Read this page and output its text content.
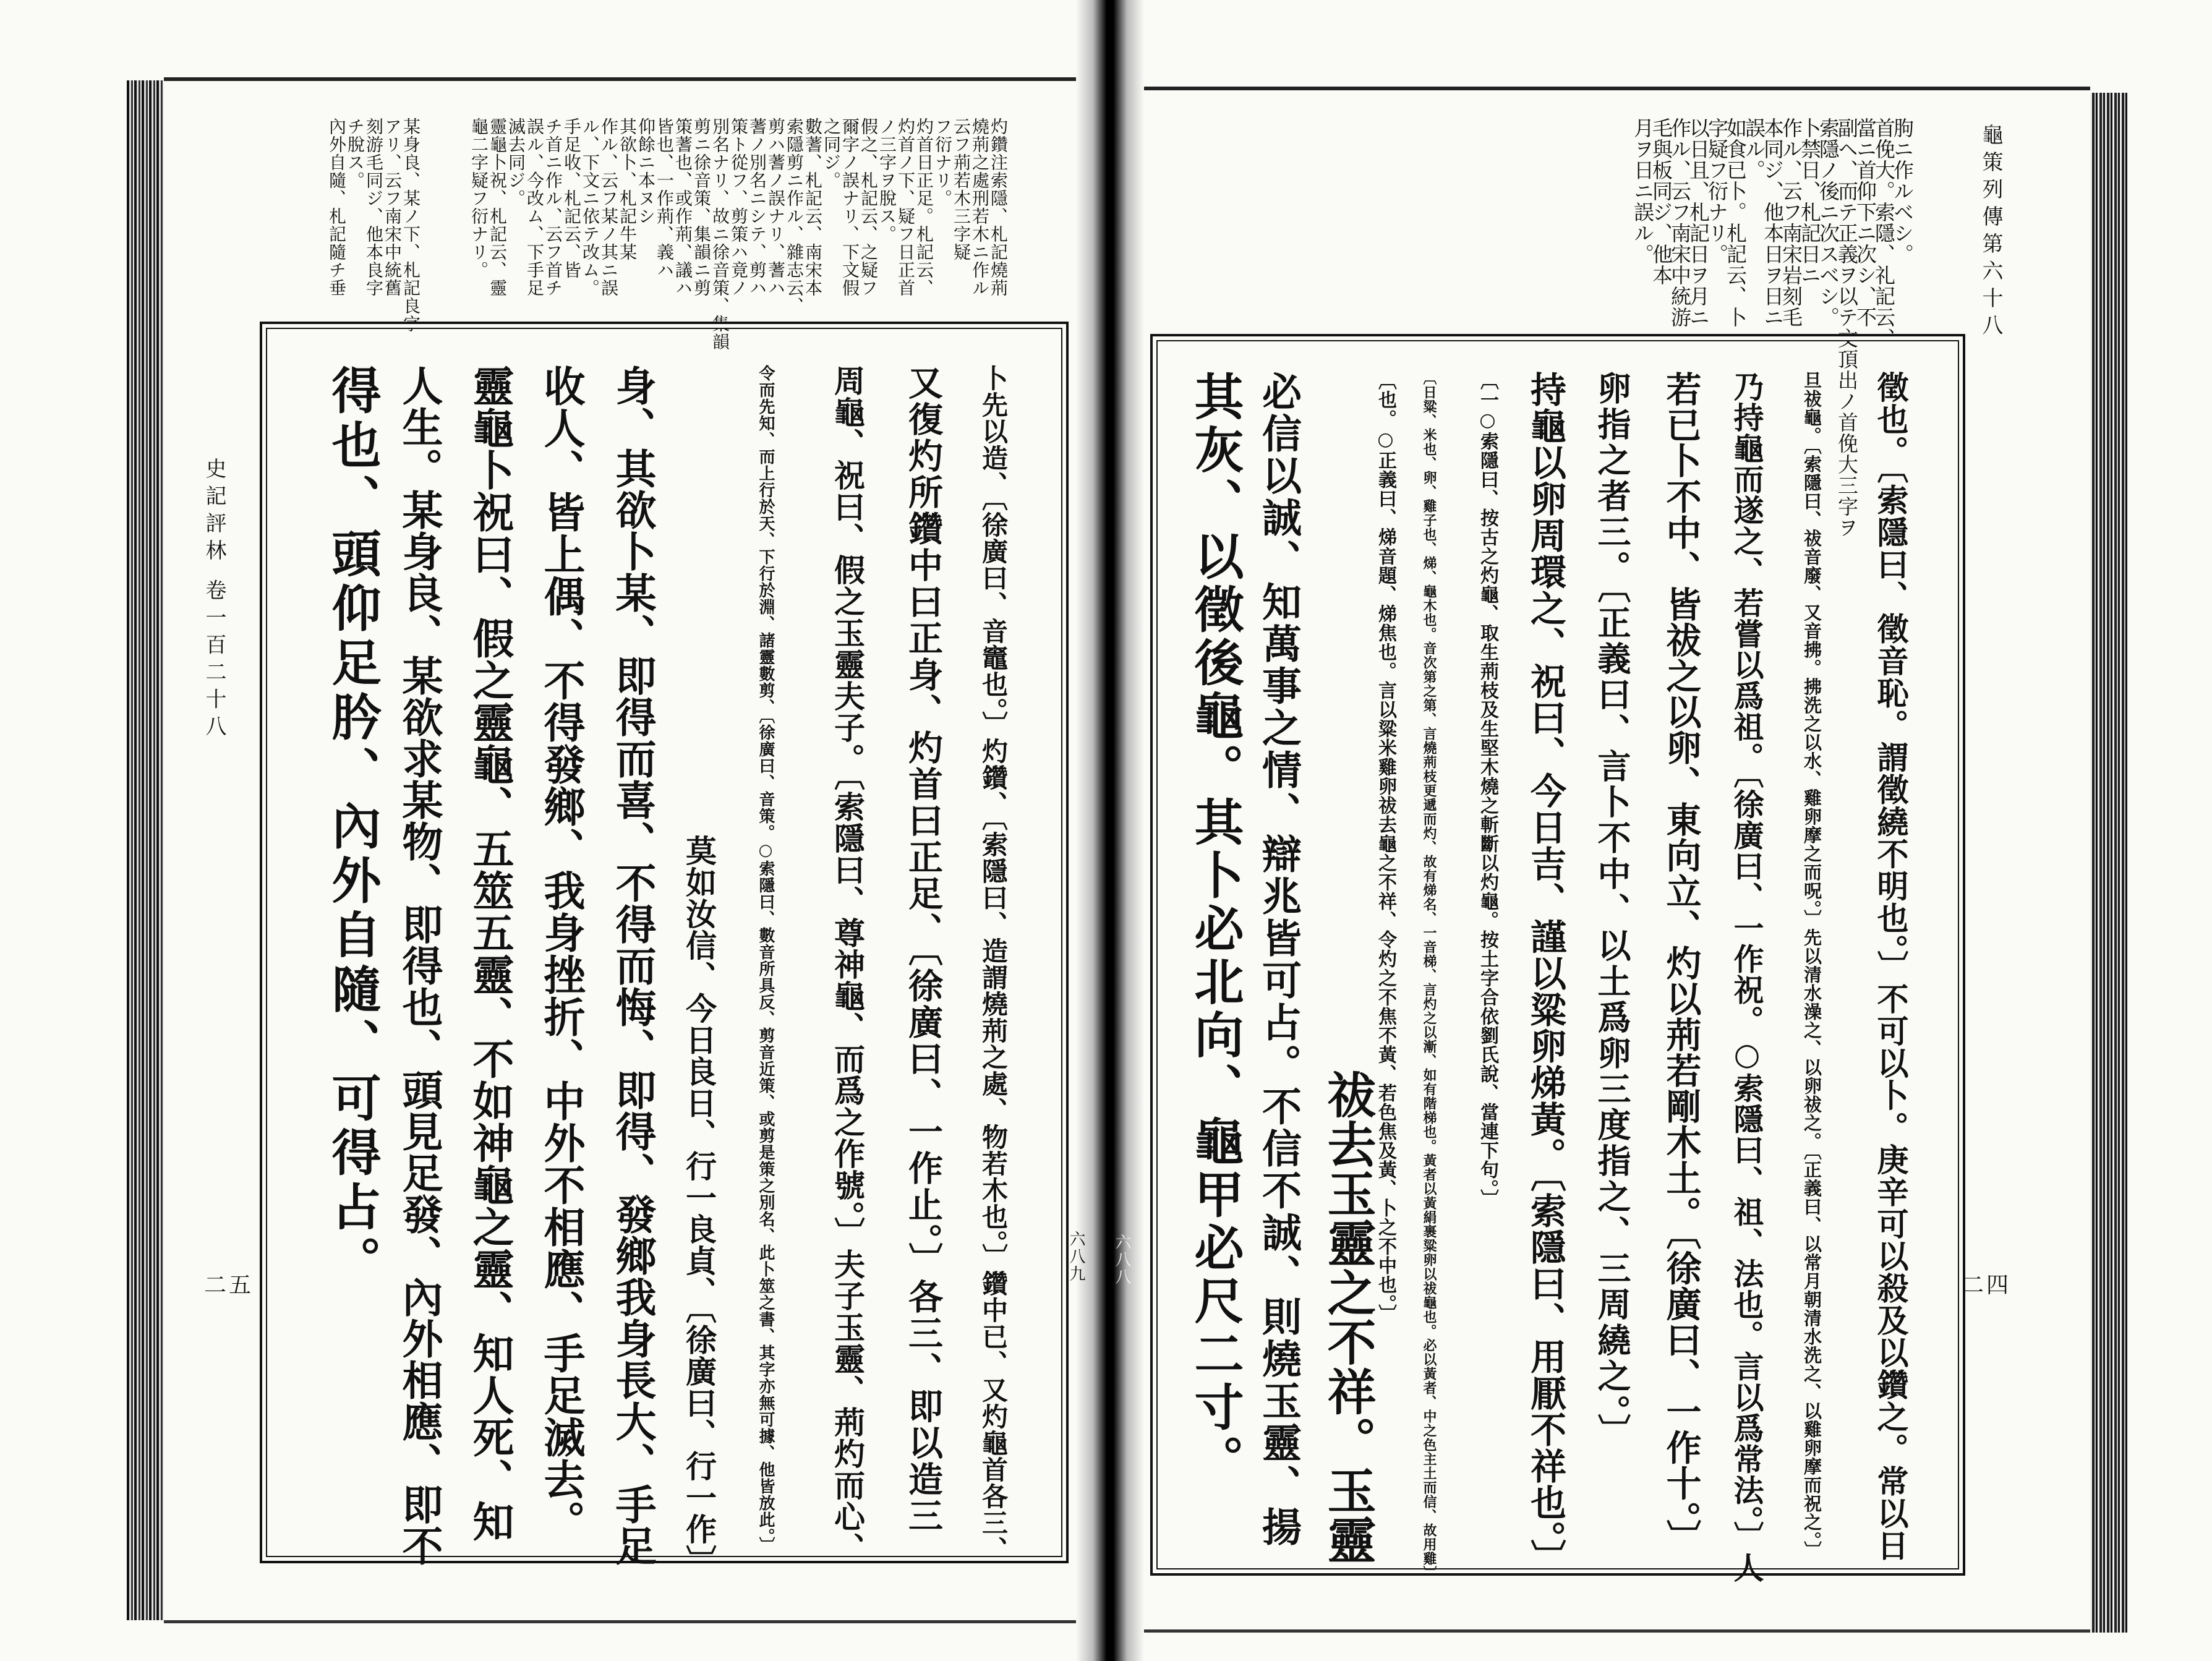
龜策列傳第六十八
二四
六八八
朐ニ作ルベシ。
首俛大。索隱、礼記云、
當ニ首仰下ニ次シ、不
副ヘ、而テ正義ヲ以テ文頂出ノ首俛大三字ヲ
索隱ノ後ニ次スベシ。
卜禁日、札記日ニ
作ル、云フ南宋岩刻毛
本同ジ、他本日ヲ日ニ
誤ル。
如食已卜。札記云、卜
字疑フ衍ナリ。
以日且、札記日ヲ月ニ
作ル、云フ南宋中統游
毛與板同ジ、他本
月ヲ日ニ誤ル。
徵也。〔索隱曰、徵音恥。謂徵繞不明也。〕不可以卜。庚辛可以殺及以鑽之。常以日
旦祓龜。〔索隱曰、祓音廢、又音拂。拂洗之以水、雞卵摩之而呪。〕先以清水澡之、以卵祓之。〔正義曰、以常月朝清水洗之、以雞卵摩而祝之。〕
乃持龜而遂之、若嘗以爲祖。〔徐廣曰、一作祝。○索隱曰、祖、法也。言以爲常法。〕人
若已卜不中、皆祓之以卵、東向立、灼以荊若剛木土。〔徐廣曰、一作十。〕
卵指之者三。〔正義曰、言卜不中、以土爲卵三度指之、三周繞之。〕
持龜以卵周環之、祝曰、今日吉、謹以粱卵焍黃。〔索隱曰、用厭不祥也。〕
〔一○索隱曰、按古之灼龜、取生荊枝及生堅木燒之斬斷以灼龜。按土字合依劉氏說、當連下句。〕
〔日粱、米也、卵、雞子也、焍、龜木也。音次第之第、言燒荊枝更遞而灼、故有焍名、一音梯、言灼之以漸、如有階梯也。黃者以黃絹裹粱卵以祓龜也。必以黃者、中之色主土而信、故用雞〕
〔也。○正義曰、焍音題、焍焦也。言以粱米雞卵祓去龜之不祥、令灼之不焦不黃、若色焦及黃、卜之不中也。〕
祓去玉靈之不祥。玉靈
必信以誠、知萬事之情、辯兆皆可占。不信不誠、則燒玉靈、揚
其灰、以徵後龜。其卜必北向、龜甲必尺二寸。
史記評林 卷一百二十八
二五
六八九
灼鑽注索隱、札記燒荊
燒荊之處刑若木ニ作ル
云フ荊若木三字疑
フ衍ナリ。
灼首日正足。札記云、
灼首ノ下、疑フ日正首
ノ三字ヲ脫ス。
假之、札記云、之疑フ
爾字ノ誤ナリ、下文假
之同ジ。
數蓍、札記云、南宋本
索隱剪ニ作ル、雜志云、
剪ハ蓍ノ誤ナリ、蓍ハ
蓍ノ別名ニシテ、剪ハ
策ト從フ、剪策ハ竟ノ
別名ナリ、故ニ徐音策、集韻
剪ニ徐音策、集韻ニ剪
策蓍也、或作荊、議ハ
皆也、一作荊、義ハ
仰餘ニ本ヌシ
其欲卜、札記牛某
作ル、云フ某ノ其ニ誤
ル、下文ニ依テ改ム。
手足收、札記云、皆
チ首ニ作ル、云フ首チ
誤ル、今改ム、下手足
滅去同ジ。
靈龜卜祝、札記云、靈
龜二字疑フ衍ナリ。
某身良、某ノ下、札記良字
アリ、云フ南宋中統舊
刻游毛同ジ、他本良字
チ脫ス。
內外自隨、札記隨チ垂
卜先以造、〔徐廣曰、音竈也。〕灼鑽、〔索隱曰、造謂燒荊之處、物若木也。〕鑽中已、又灼龜首各三、
又復灼所鑽中曰正身、灼首曰正足、〔徐廣曰、一作止。〕各三、即以造三
周龜、祝曰、假之玉靈夫子。〔索隱曰、尊神龜、而爲之作號。〕夫子玉靈、荊灼而心、
令而先知、而上行於天、下行於淵、諸靈數剪、〔徐廣曰、音策。○索隱曰、數音所具反、剪音近策、或剪是策之別名、此卜筮之書、其字亦無可據、他皆放此。〕
莫如汝信、今日良日、行一良貞、〔徐廣曰、行一作〕
身、其欲卜某、即得而喜、不得而悔、即得、發鄉我身長大、手足
收人、皆上偶、不得發鄉、我身挫折、中外不相應、手足滅去。
靈龜卜祝曰、假之靈龜、五筮五靈、不如神龜之靈、知人死、知
人生。某身良、某欲求某物、即得也、頭見足發、內外相應、即不
得也、頭仰足肣、內外自隨、可得占。
